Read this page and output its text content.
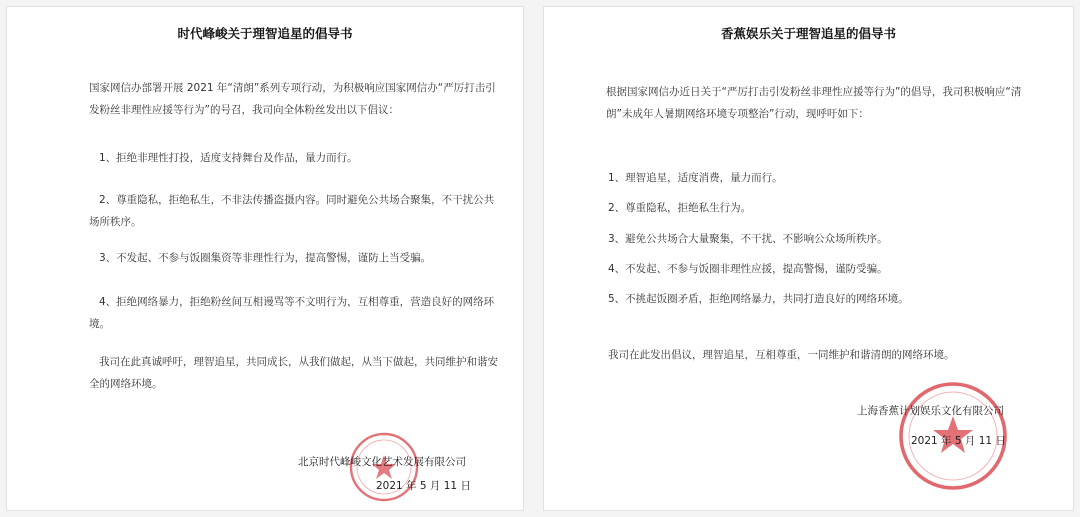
时代峰峻关于理智追星的倡导书

国家网信办部署开展 2021 年“清朗”系列专项行动，为积极响应国家网信办“严厉打击引
发粉丝非理性应援等行为”的号召，我司向全体粉丝发出以下倡议：

1、拒绝非理性打投，适度支持舞台及作品，量力而行。

2、尊重隐私，拒绝私生，不非法传播盗摄内容。同时避免公共场合聚集，不干扰公共
场所秩序。

3、不发起、不参与饭圈集资等非理性行为，提高警惕，谨防上当受骗。

4、拒绝网络暴力，拒绝粉丝间互相谩骂等不文明行为，互相尊重，营造良好的网络环
境。

我司在此真诚呼吁，理智追星，共同成长，从我们做起，从当下做起，共同维护和谐安
全的网络环境。

北京时代峰峻文化艺术发展有限公司
2021 年 5 月 11 日
香蕉娱乐关于理智追星的倡导书

根据国家网信办近日关于“严厉打击引发粉丝非理性应援等行为”的倡导，我司积极响应“清
朗”未成年人暑期网络环境专项整治”行动，现呼吁如下：

1、理智追星，适度消费，量力而行。

2、尊重隐私，拒绝私生行为。

3、避免公共场合大量聚集，不干扰、不影响公众场所秩序。

4、不发起、不参与饭圈非理性应援，提高警惕，谨防受骗。

5、不挑起饭圈矛盾，拒绝网络暴力，共同打造良好的网络环境。

我司在此发出倡议，理智追星，互相尊重，一同维护和谐清朗的网络环境。

上海香蕉计划娱乐文化有限公司
2021 年 5 月 11 日
